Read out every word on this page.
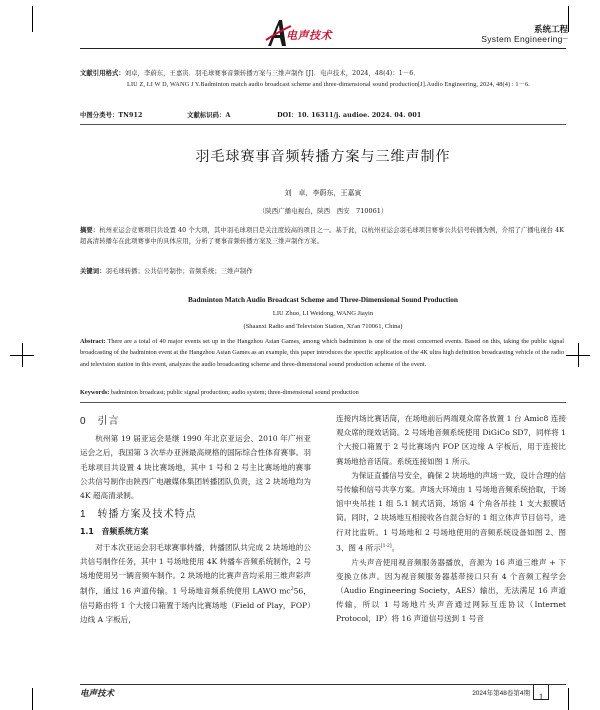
电声技术
系统工程
System Engineering—
文献引用格式：刘卓，李蔚东，王嘉寅．羽毛球赛事音频转播方案与三维声制作 [J]．电声技术，2024，48(4)：1－6．
LIU Z, LI W D, WANG J Y.Badminton match audio broadcast scheme and three-dimensional sound production[J].Audio Engineering, 2024, 48(4) : 1－6.
中图分类号：TN912	文献标识码：A	DOI：10. 16311/j. audioe. 2024. 04. 001
羽毛球赛事音频转播方案与三维声制作
刘　卓，李蔚东，王嘉寅
（陕西广播电视台，陕西　西安　710061）
摘要：杭州亚运会竞赛项目共设置 40 个大项，其中羽毛球项目是关注度较高的项目之一。基于此，以杭州亚运会羽毛球项目赛事公共信号转播为例，介绍了广播电视台 4K 超高清转播车在此项赛事中的具体应用，分析了赛事音频转播方案及三维声制作方案。
关键词：羽毛球转播；公共信号制作；音频系统；三维声制作
Badminton Match Audio Broadcast Scheme and Three-Dimensional Sound Production
LIU Zhuo, LI Weidong, WANG Jiayin
(Shaanxi Radio and Television Station, Xi'an 710061, China)
Abstract: There are a total of 40 major events set up in the Hangzhou Asian Games, among which badminton is one of the most concerned events. Based on this, taking the public signal broadcasting of the badminton event at the Hangzhou Asian Games as an example, this paper introduces the specific application of the 4K ultra high definition broadcasting vehicle of the radio and television station in this event, analyzes the audio broadcasting scheme and three-dimensional sound production scheme of the event.
Keywords: badminton broadcast; public signal production; audio system; three-dimensional sound production
0　引言

杭州第 19 届亚运会是继 1990 年北京亚运会、2010 年广州亚运会之后，我国第 3 次举办亚洲最高规格的国际综合性体育赛事。羽毛球项目共设置 4 块比赛场地，其中 1 号和 2 号主比赛场地的赛事公共信号制作由陕西广电融媒体集团转播团队负责，这 2 块场地均为 4K 超高清录制。

1　转播方案及技术特点
1.1　音频系统方案

对于本次亚运会羽毛球赛事转播，转播团队共完成 2 块场地的公共信号制作任务，其中 1 号场地使用 4K 转播车音频系统制作，2 号场地使用另一辆音频车制作。2 块场地的比赛声音均采用三维声彩声制作，通过 16 声道传输。1 号场地音频系统使用 LAWO $mc^256$，信号路由将 1 个大接口箱置于场内比赛场地（Field of Play，FOP）边线 A 字板后，

连接内场比赛话筒，在场地前后两端观众席各放置 1 台 Amic8 连接观众席的现效话筒。2 号场地音频系统使用 DiGiCo SD7，同样将 1 个大接口箱置于 2 号比赛场内 FOP 区边缘 A 字板后，用于连接比赛场地拾音话筒。系统连接如图 1 所示。

为保证直播信号安全，确保 2 块场地的声场一致，设计合理的信号传输和信号共享方案。声场大环境由 1 号场地音频系统拾取，于场馆中央吊挂 1 组 5.1 制式话筒，场馆 4 个角各吊挂 1 支大振膜话筒。同时，2 块场地互相接收各自混合好的 1 组立体声节目信号，进行对比监听。1 号场地和 2 号场地使用的音频系统设备如图 2、图 3、图 4 所示[1-2]。

片头声音使用视音频服务器播放，音源为 16 声道三维声 + 下变换立体声。因为视音频服务器基带接口只有 4 个音频工程学会（Audio Engineering Society，AES）输出，无法满足 16 声道传输，所以 1 号场地片头声音通过网际互连协议（Internet Protocol，IP）将 16 声道信号送到 1 号音

电声技术	2024年第48卷第4期 1
